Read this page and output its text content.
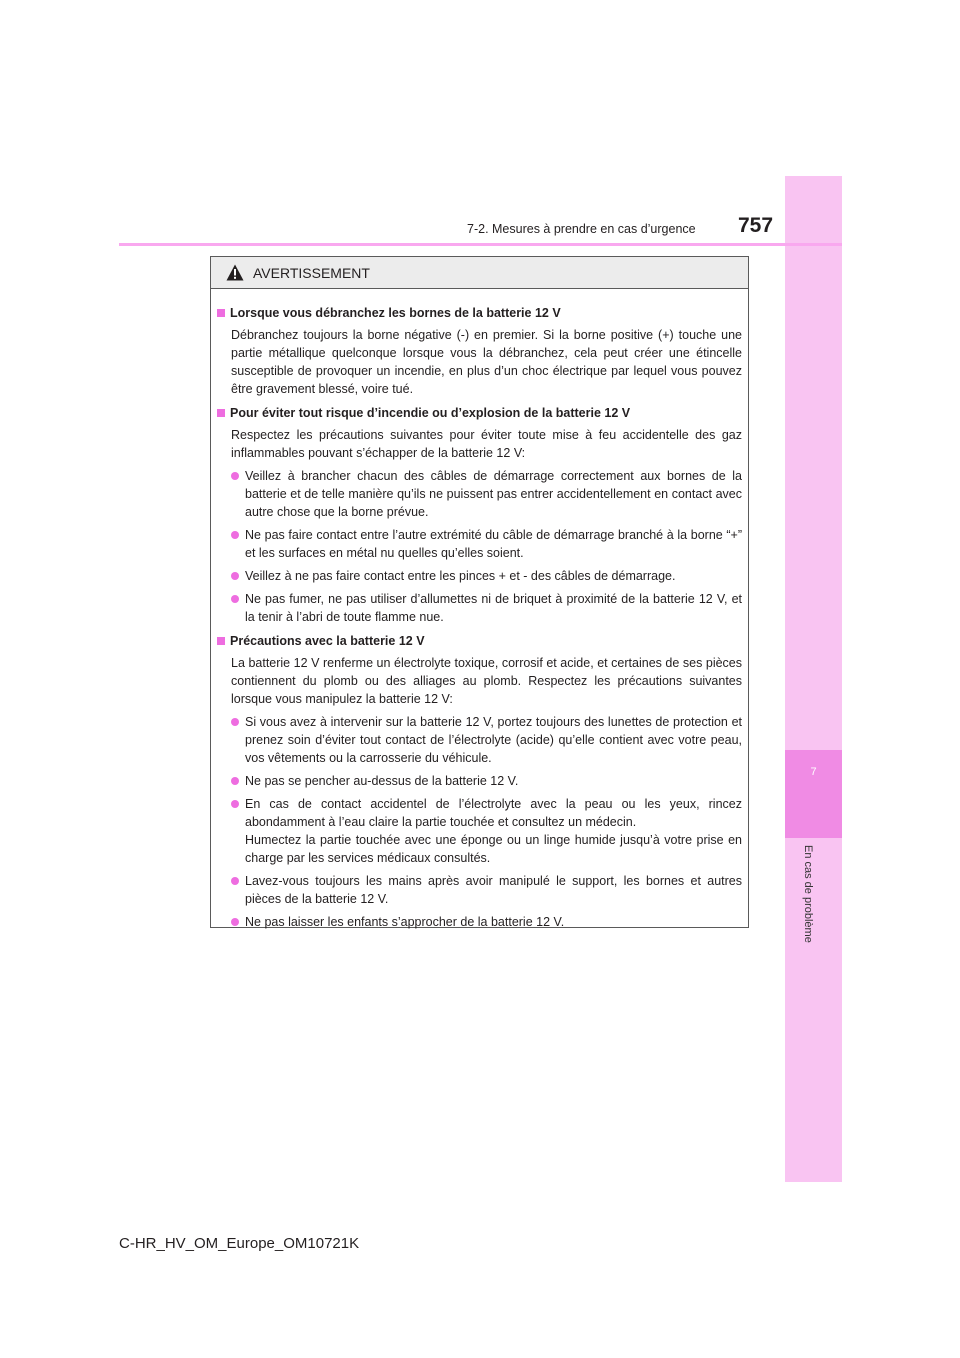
7
En cas de problème
7-2. Mesures à prendre en cas d’urgence 757
AVERTISSEMENT
Lorsque vous débranchez les bornes de la batterie 12 V
Débranchez toujours la borne négative (-) en premier. Si la borne positive (+) touche une partie métallique quelconque lorsque vous la débranchez, cela peut créer une étincelle susceptible de provoquer un incendie, en plus d’un choc électrique par lequel vous pouvez être gravement blessé, voire tué.
Pour éviter tout risque d’incendie ou d’explosion de la batterie 12 V
Respectez les précautions suivantes pour éviter toute mise à feu accidentelle des gaz inflammables pouvant s’échapper de la batterie 12 V:
Veillez à brancher chacun des câbles de démarrage correctement aux bornes de la batterie et de telle manière qu’ils ne puissent pas entrer accidentellement en contact avec autre chose que la borne prévue.
Ne pas faire contact entre l’autre extrémité du câble de démarrage branché à la borne “+” et les surfaces en métal nu quelles qu’elles soient.
Veillez à ne pas faire contact entre les pinces + et - des câbles de démarrage.
Ne pas fumer, ne pas utiliser d’allumettes ni de briquet à proximité de la batterie 12 V, et la tenir à l’abri de toute flamme nue.
Précautions avec la batterie 12 V
La batterie 12 V renferme un électrolyte toxique, corrosif et acide, et certaines de ses pièces contiennent du plomb ou des alliages au plomb. Respectez les précautions suivantes lorsque vous manipulez la batterie 12 V:
Si vous avez à intervenir sur la batterie 12 V, portez toujours des lunettes de protection et prenez soin d’éviter tout contact de l’électrolyte (acide) qu’elle contient avec votre peau, vos vêtements ou la carrosserie du véhicule.
Ne pas se pencher au-dessus de la batterie 12 V.
En cas de contact accidentel de l’électrolyte avec la peau ou les yeux, rincez abondamment à l’eau claire la partie touchée et consultez un médecin.
Humectez la partie touchée avec une éponge ou un linge humide jusqu’à votre prise en charge par les services médicaux consultés.
Lavez-vous toujours les mains après avoir manipulé le support, les bornes et autres pièces de la batterie 12 V.
Ne pas laisser les enfants s’approcher de la batterie 12 V.
C-HR_HV_OM_Europe_OM10721K
